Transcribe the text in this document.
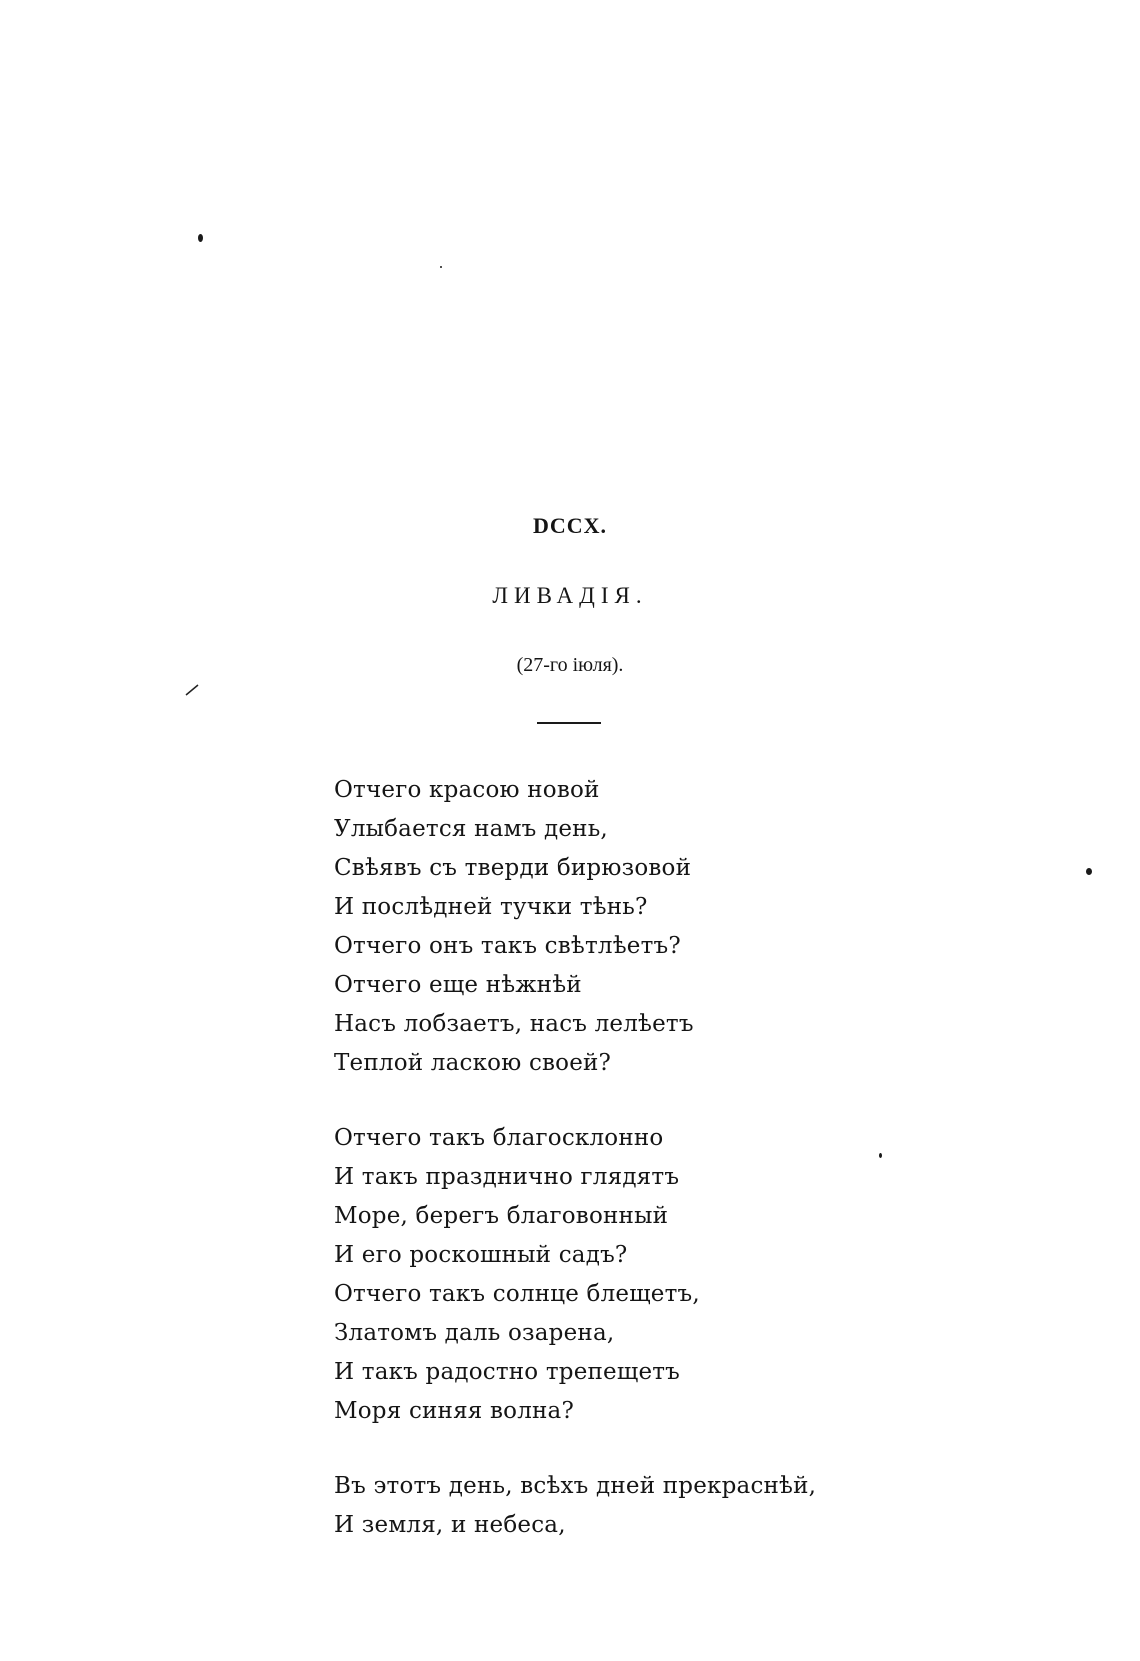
DCCX.
ЛИВАДІЯ.
(27-го іюля).
Отчего красою новой
Улыбается намъ день,
Свѣявъ съ тверди бирюзовой
И послѣдней тучки тѣнь?
Отчего онъ такъ свѣтлѣетъ?
Отчего еще нѣжнѣй
Насъ лобзаетъ, насъ лелѣетъ
Теплой ласкою своей?
Отчего такъ благосклонно
И такъ празднично глядятъ
Море, берегъ благовонный
И его роскошный садъ?
Отчего такъ солнце блещетъ,
Златомъ даль озарена,
И такъ радостно трепещетъ
Моря синяя волна?
Въ этотъ день, всѣхъ дней прекраснѣй,
И земля, и небеса,
